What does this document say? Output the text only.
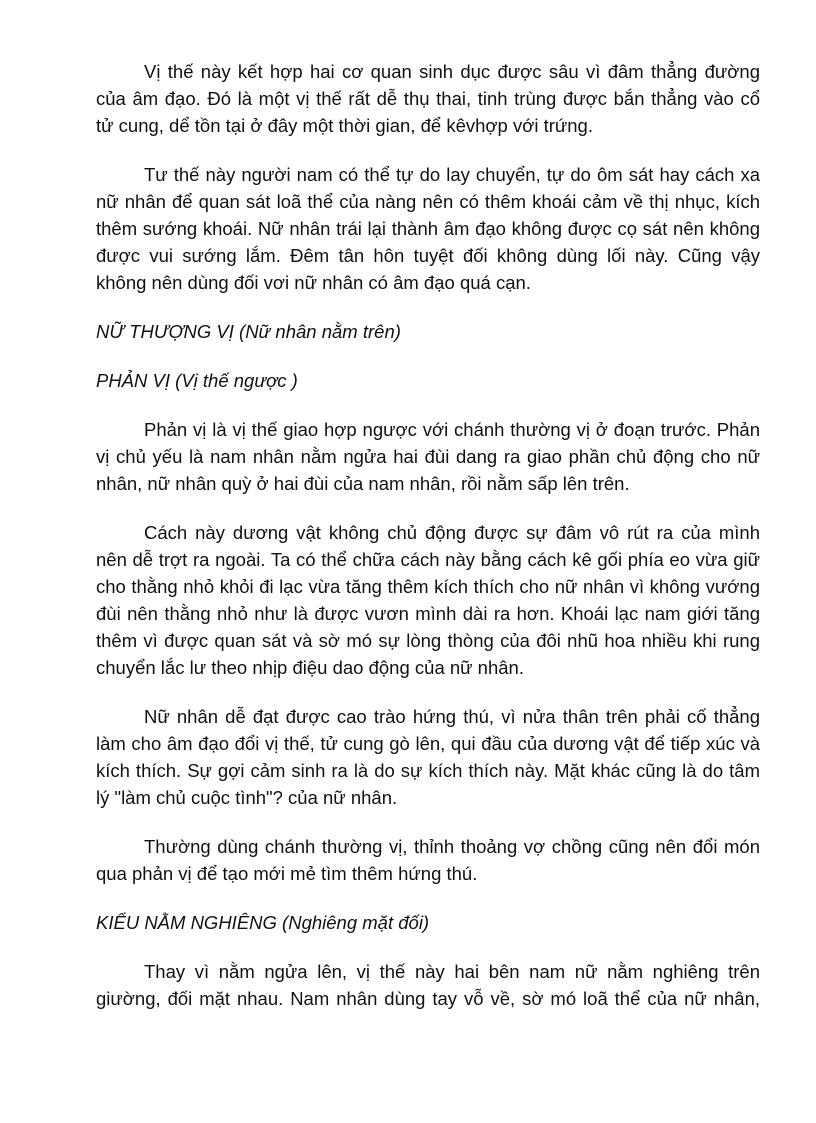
Vị thế này kết hợp hai cơ quan sinh dục được sâu vì đâm thẳng đường
của âm đạo. Đó là một vị thế rất dễ thụ thai, tinh trùng được bắn thẳng vào cổ
tử cung, dể tồn tại ở đây một thời gian, để kêvhợp với trứng.
Tư thế này người nam có thể tự do lay chuyển, tự do ôm sát hay cách xa
nữ nhân để quan sát loã thể của nàng nên có thêm khoái cảm về thị nhục, kích
thêm sướng khoái. Nữ nhân trái lại thành âm đạo không được cọ sát nên không
được vui sướng lắm. Đêm tân hôn tuyệt đối không dùng lối này. Cũng vậy
không nên dùng đối vơi nữ nhân có âm đạo quá cạn.
NỮ THƯỢNG VỊ (Nữ nhân nằm trên)
PHẢN VỊ (Vị thế ngược )
Phản vị là vị thế giao hợp ngược với chánh thường vị ở đoạn trước. Phản
vị chủ yếu là nam nhân nằm ngửa hai đùi dang ra giao phần chủ động cho nữ
nhân, nữ nhân quỳ ở hai đùi của nam nhân, rồi nằm sấp lên trên.
Cách này dương vật không chủ động được sự đâm vô rút ra của mình
nên dễ trợt ra ngoài. Ta có thể chữa cách này bằng cách kê gối phía eo vừa giữ
cho thằng nhỏ khỏi đi lạc vừa tăng thêm kích thích cho nữ nhân vì không vướng
đùi nên thằng nhỏ như là được vươn mình dài ra hơn. Khoái lạc nam giới tăng
thêm vì được quan sát và sờ mó sự lòng thòng của đôi nhũ hoa nhiều khi rung
chuyển lắc lư theo nhịp điệu dao động của nữ nhân.
Nữ nhân dễ đạt được cao trào hứng thú, vì nửa thân trên phải cố thẳng
làm cho âm đạo đổi vị thế, tử cung gò lên, qui đầu của dương vật để tiếp xúc và
kích thích. Sự gợi cảm sinh ra là do sự kích thích này. Mặt khác cũng là do tâm
lý "làm chủ cuộc tình"? của nữ nhân.
Thường dùng chánh thường vị, thỉnh thoảng vợ chồng cũng nên đổi món
qua phản vị để tạo mới mẻ tìm thêm hứng thú.
KIỂU NẰM NGHIÊNG (Nghiêng mặt đối)
Thay vì nằm ngửa lên, vị thế này hai bên nam nữ nằm nghiêng trên
giường, đối mặt nhau. Nam nhân dùng tay vỗ về, sờ mó loã thể của nữ nhân,
